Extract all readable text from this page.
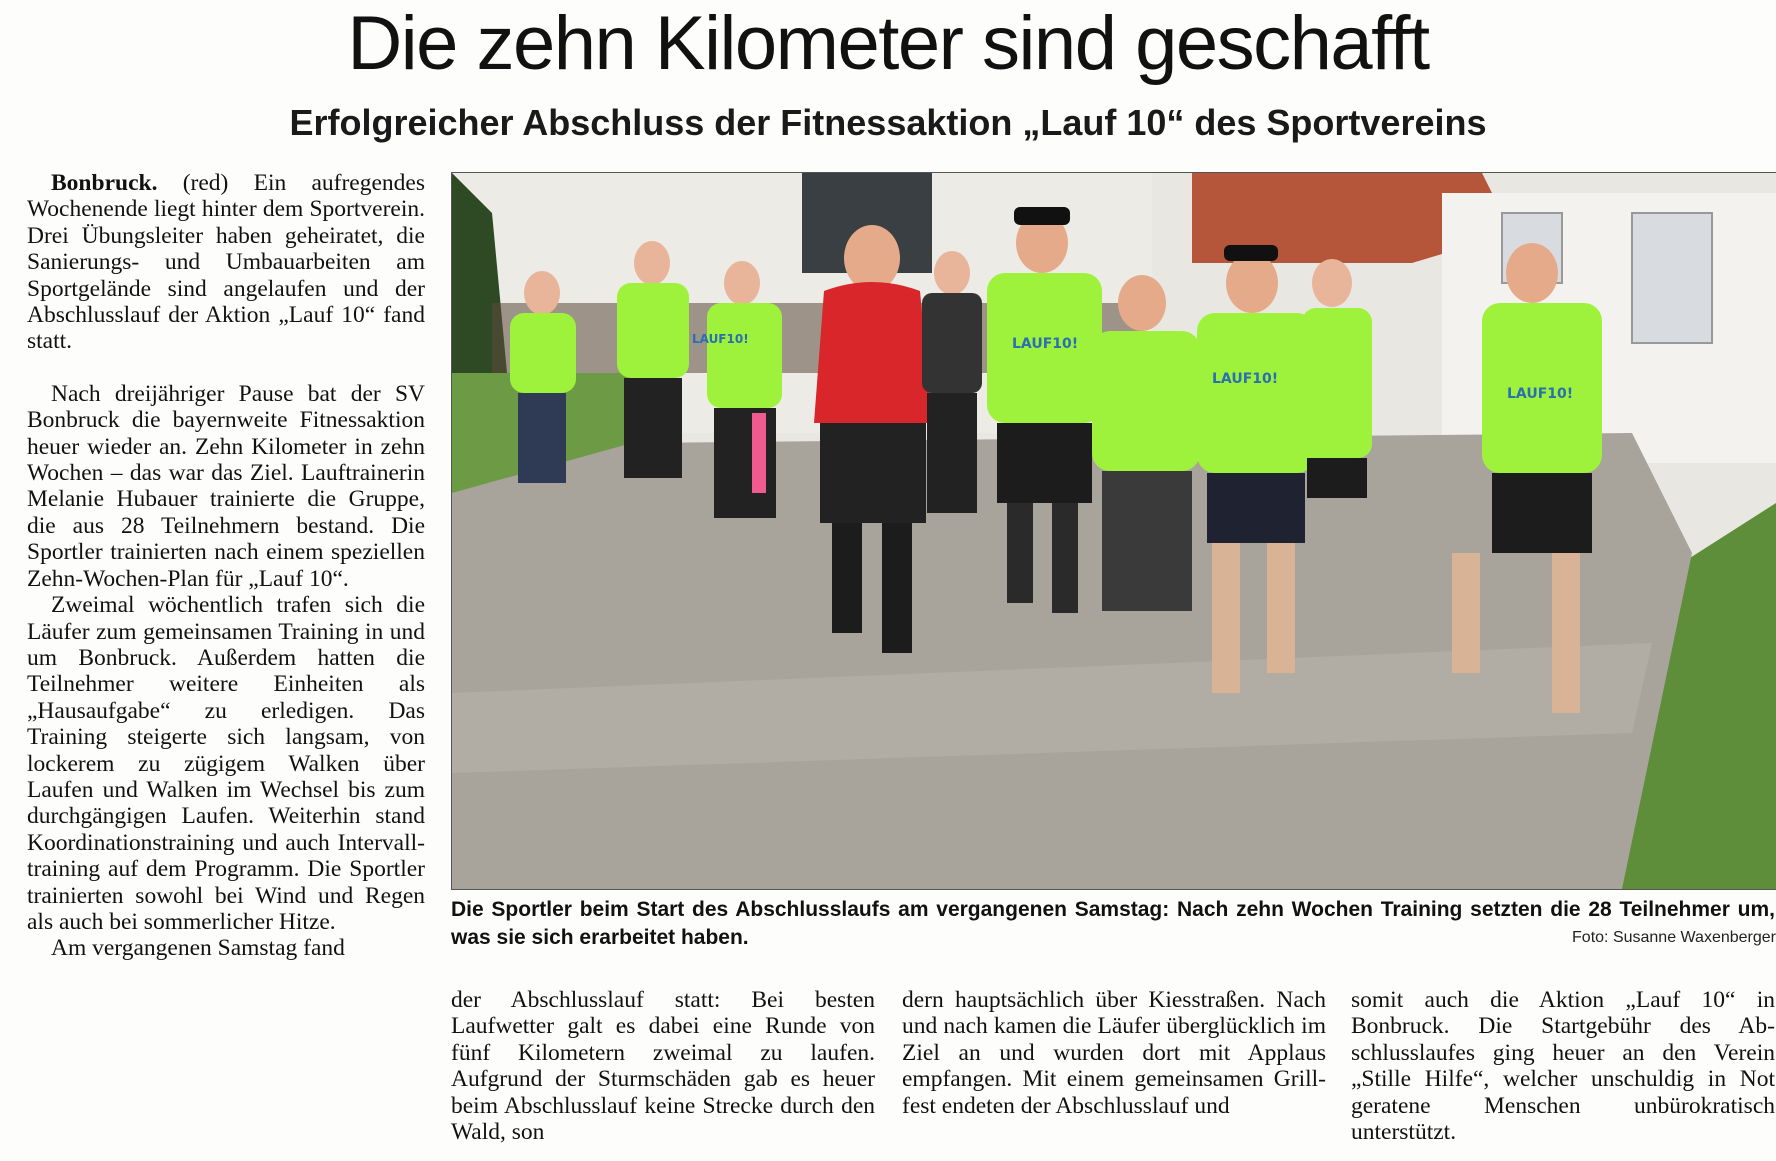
Die zehn Kilometer sind geschafft
Erfolgreicher Abschluss der Fitnessaktion „Lauf 10“ des Sportvereins

Bonbruck. (red) Ein aufregendes Wochenende liegt hinter dem Sportverein. Drei Übungsleiter haben geheiratet, die Sanierungs- und Umbauarbeiten am Sportgelände sind angelaufen und der Abschlusslauf der Aktion „Lauf 10“ fand statt.

Nach dreijähriger Pause bat der SV Bonbruck die bayernweite Fitnessaktion heuer wieder an. Zehn Kilometer in zehn Wochen – das war das Ziel. Lauftrainerin Melanie Hubauer trainierte die Gruppe, die aus 28 Teilnehmern bestand. Die Sportler trainierten nach einem speziellen Zehn-Wochen-Plan für „Lauf 10“.

Zweimal wöchentlich trafen sich die Läufer zum gemeinsamen Training in und um Bonbruck. Außerdem hatten die Teilnehmer weitere Einheiten als „Hausaufgabe“ zu erledigen. Das Training steigerte sich langsam, von lockerem zu zügigem Walken über Laufen und Walken im Wechsel bis zum durchgängigen Laufen. Weiterhin stand Koordinationstraining und auch Intervalltraining auf dem Programm. Die Sportler trainierten sowohl bei Wind und Regen als auch bei sommerlicher Hitze.

Am vergangenen Samstag fand

LAUF10!	LAUF10!
LAUF10!
LAUF10!
Die Sportler beim Start des Abschlusslaufs am vergangenen Samstag: Nach zehn Wochen Training setzten die 28 Teilnehmer um, was sie sich erarbeitet haben.	Foto: Susanne Waxenberger

der Abschlusslauf statt: Bei besten Laufwetter galt es dabei eine Runde von fünf Kilometern zweimal zu laufen. Aufgrund der Sturmschäden gab es heuer beim Abschlusslauf keine Strecke durch den Wald, son

dern hauptsächlich über Kiesstraßen. Nach und nach kamen die Läufer überglücklich im Ziel an und wurden dort mit Applaus empfangen. Mit einem gemeinsamen Grillfest endeten der Abschlusslauf und

somit auch die Aktion „Lauf 10“ in Bonbruck. Die Startgebühr des Abschlusslaufes ging heuer an den Verein „Stille Hilfe“, welcher unschuldig in Not geratene Menschen unbürokratisch unterstützt.
